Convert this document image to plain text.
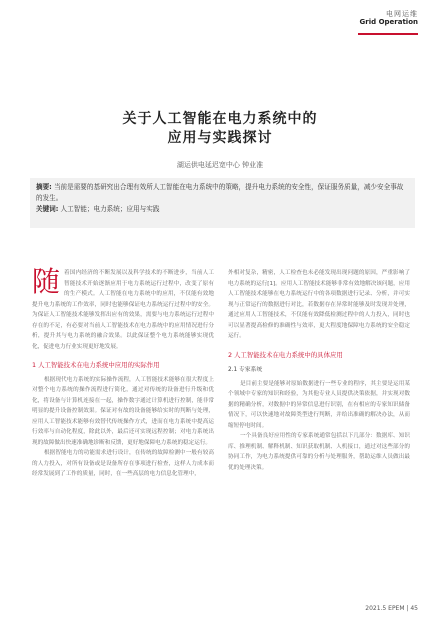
电网运维
Grid Operation
关于人工智能在电力系统中的
应用与实践探讨
湖运供电延迟宽中心 钟业准
摘要: 当前是需要的基研究出合理有效所人工智能在电力系统中的策略，提升电力系统的安全性，保证服务质量，减少安全事故的发生。
关键词: 人工智能；电力系统；应用与实践
随 着国内经济的不断发展以及科学技术的不断进步，当前人工智能技术开始逐渐应用于电力系统运行过程中，改变了原有的生产模式。人工智能在电力系统中的应用，不仅能有效地提升电力系统的工作效率，同时也能够保证电力系统运行过程中的安全。为保证人工智能技术能够发挥出应有的效果，需要与电力系统运行过程中存在的不足，有必要对当前人工智能技术在电力系统中的应用情况进行分析，提升其与电力系统的融合效果。以此保证整个电力系统能够实现优化，促进电力行业实现更好地发展。

1 人工智能技术在电力系统中应用的实际作用

根据现代电力系统的实际操作流程，人工智能技术能够在很大程度上对整个电力系统的操作流程进行简化，通过对传统的设备进行升级和优化，将设备与计算机连接在一起，操作数字通过计算机进行控制，能非常明显的提升设备控制效果。保证对有故的设备能够给实时的判断与处理，应用人工智能技术能够有效替代传统操作方式，进而在电力系统中提高运行效率与自动化程度，除此以外，最后还可实现远程控制；对电力系统出现的故障做出快速准确地诊断和反馈，更好地保障电力系统的稳定运行。

根据智能电力的功能需求进行设计，在传统的故障检测中一般有较高的人力投入，对所有设备或是设备所存在事项进行检查，这样人力成本而经常发展到了工作的质量，同时，在一些高层的电力信息化管理中，

外相对复杂，精密，人工检查也未必能发现出现问题的原因，严重影响了电力系统的运行[1]。应用人工智能技术能够非常有效地解决该问题，应用人工智能技术能够在电力系统运行中的各项数据进行记录、分析，并可实现与正常运行的数据进行对比，若数据存在异常时能够及时发现并处理，通过应用人工智能技术，不仅能有效降低检测过程中的人力投入，同时也可以显著提高检修的准确性与效率，更大程度地保障电力系统的安全稳定运行。

2 人工智能技术在电力系统中的具体应用
2.1 专家系统

是目前主要是能够对原始数据进行一些专业的程序，其主要是运用某个领域中专家的知识和经验，为其他专业人员提供决策依据，并实现对数据的精确分析，对数据中的异常信息进行识别，在有相应的专家知识储备情况下，可以快速地对故障类型进行判断，并给出准确的解决办法，从而缩短停电时间。

一个具备良好应用性的专家系统通常包括以下几部分：数据库、知识库、推理机制、解释机制、知识获取机制、人机接口，通过对这些部分的协同工作，为电力系统提供可靠的分析与处理服务，帮助运维人员做出最优的处理决策。

2021.5 EPEM | 45
